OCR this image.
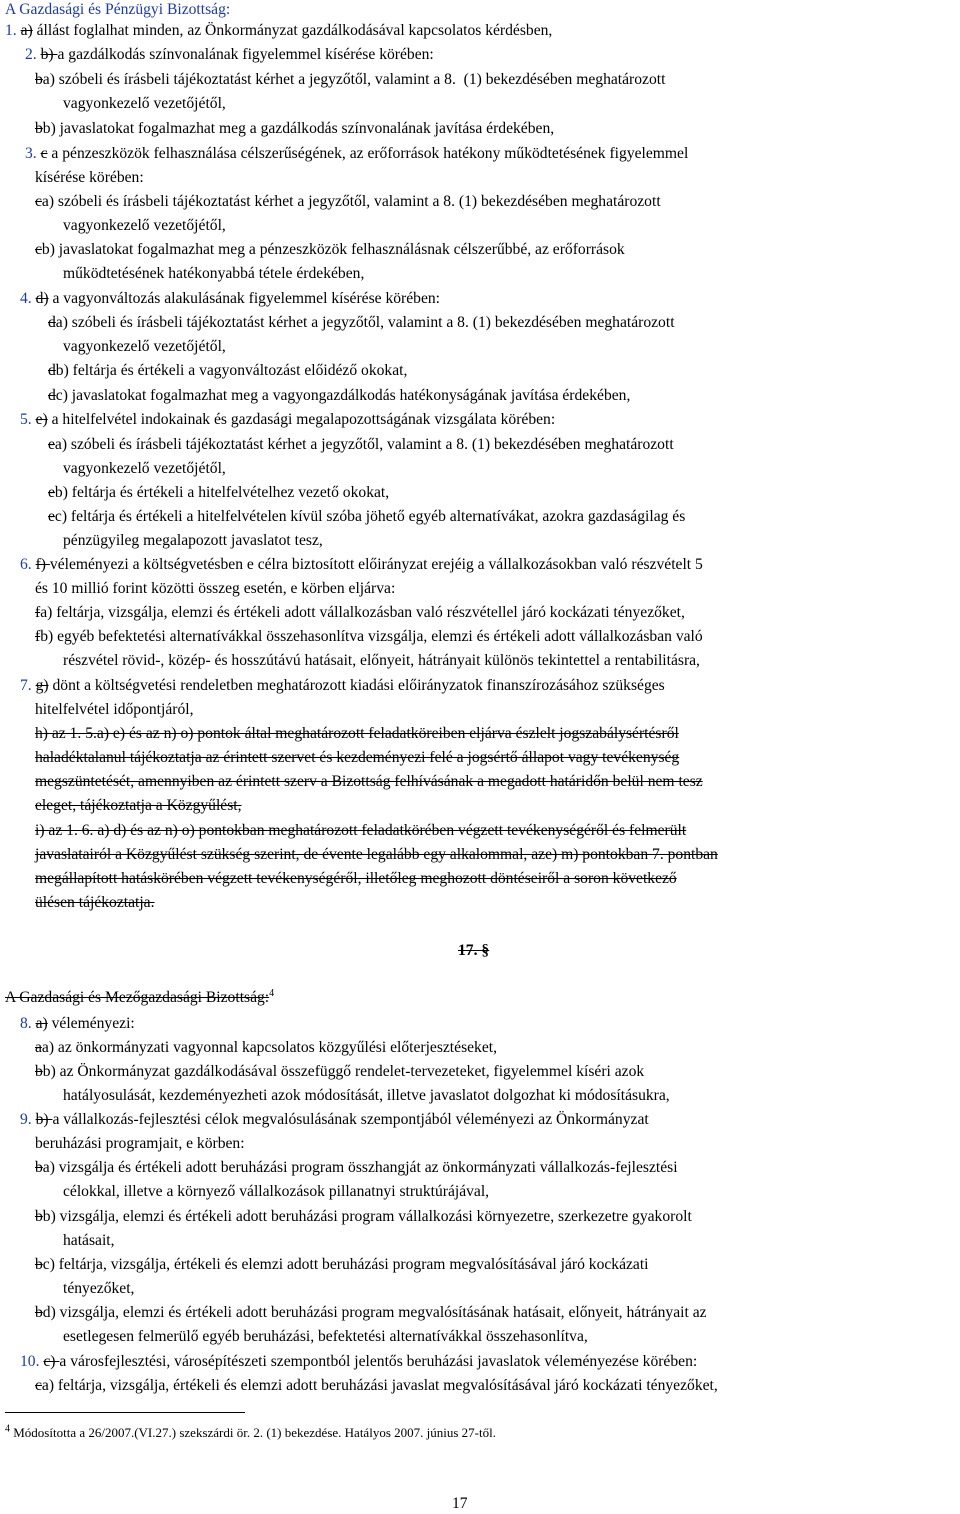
A Gazdasági és Pénzügyi Bizottság:
1. a) állást foglalhat minden, az Önkormányzat gazdálkodásával kapcsolatos kérdésben,
2. b) a gazdálkodás színvonalának figyelemmel kísérése körében:
ba) szóbeli és írásbeli tájékoztatást kérhet a jegyzőtől, valamint a 8.  (1) bekezdésében meghatározott
vagyonkezelő vezetőjétől,
bb) javaslatokat fogalmazhat meg a gazdálkodás színvonalának javítása érdekében,
3. c a pénzeszközök felhasználása célszerűségének, az erőforrások hatékony működtetésének figyelemmel
kísérése körében:
ca) szóbeli és írásbeli tájékoztatást kérhet a jegyzőtől, valamint a 8. (1) bekezdésében meghatározott
vagyonkezelő vezetőjétől,
cb) javaslatokat fogalmazhat meg a pénzeszközök felhasználásnak célszerűbbé, az erőforrások
működtetésének hatékonyabbá tétele érdekében,
4. d) a vagyonváltozás alakulásának figyelemmel kísérése körében:
da) szóbeli és írásbeli tájékoztatást kérhet a jegyzőtől, valamint a 8. (1) bekezdésében meghatározott
vagyonkezelő vezetőjétől,
db) feltárja és értékeli a vagyonváltozást előidéző okokat,
dc) javaslatokat fogalmazhat meg a vagyongazdálkodás hatékonyságának javítása érdekében,
5. e) a hitelfelvétel indokainak és gazdasági megalapozottságának vizsgálata körében:
ea) szóbeli és írásbeli tájékoztatást kérhet a jegyzőtől, valamint a 8. (1) bekezdésében meghatározott
vagyonkezelő vezetőjétől,
eb) feltárja és értékeli a hitelfelvételhez vezető okokat,
ec) feltárja és értékeli a hitelfelvételen kívül szóba jöhető egyéb alternatívákat, azokra gazdaságilag és
pénzügyileg megalapozott javaslatot tesz,
6. f) véleményezi a költségvetésben e célra biztosított előirányzat erejéig a vállalkozásokban való részvételt 5
és 10 millió forint közötti összeg esetén, e körben eljárva:
fa) feltárja, vizsgálja, elemzi és értékeli adott vállalkozásban való részvétellel járó kockázati tényezőket,
fb) egyéb befektetési alternatívákkal összehasonlítva vizsgálja, elemzi és értékeli adott vállalkozásban való
részvétel rövid-, közép- és hosszútávú hatásait, előnyeit, hátrányait különös tekintettel a rentabilitásra,
7. g) dönt a költségvetési rendeletben meghatározott kiadási előirányzatok finanszírozásához szükséges
hitelfelvétel időpontjáról,
h) az 1. 5.a) e) és az n) o) pontok által meghatározott feladatköreiben eljárva észlelt jogszabálysértésről
haladéktalanul tájékoztatja az érintett szervet és kezdeményezi felé a jogsértő állapot vagy tevékenység
megszüntetését, amennyiben az érintett szerv a Bizottság felhívásának a megadott határidőn belül nem tesz
eleget, tájékoztatja a Közgyűlést,
i) az 1. 6. a) d) és az n) o) pontokban meghatározott feladatkörében végzett tevékenységéről és felmerült
javaslatairól a Közgyűlést szükség szerint, de évente legalább egy alkalommal, aze) m) pontokban 7. pontban
megállapított hatáskörében végzett tevékenységéről, illetőleg meghozott döntéseiről a soron következő
ülésen tájékoztatja.
17. §
A Gazdasági és Mezőgazdasági Bizottság:$^4$
8. a) véleményezi:
aa) az önkormányzati vagyonnal kapcsolatos közgyűlési előterjesztéseket,
bb) az Önkormányzat gazdálkodásával összefüggő rendelet-tervezeteket, figyelemmel kíséri azok
hatályosulását, kezdeményezheti azok módosítását, illetve javaslatot dolgozhat ki módosításukra,
9. b) a vállalkozás-fejlesztési célok megvalósulásának szempontjából véleményezi az Önkormányzat
beruházási programjait, e körben:
ba) vizsgálja és értékeli adott beruházási program összhangját az önkormányzati vállalkozás-fejlesztési
célokkal, illetve a környező vállalkozások pillanatnyi struktúrájával,
bb) vizsgálja, elemzi és értékeli adott beruházási program vállalkozási környezetre, szerkezetre gyakorolt
hatásait,
bc) feltárja, vizsgálja, értékeli és elemzi adott beruházási program megvalósításával járó kockázati
tényezőket,
bd) vizsgálja, elemzi és értékeli adott beruházási program megvalósításának hatásait, előnyeit, hátrányait az
esetlegesen felmerülő egyéb beruházási, befektetési alternatívákkal összehasonlítva,
10. c) a városfejlesztési, városépítészeti szempontból jelentős beruházási javaslatok véleményezése körében:
ca) feltárja, vizsgálja, értékeli és elemzi adott beruházási javaslat megvalósításával járó kockázati tényezőket,
$^4$ Módosította a 26/2007.(VI.27.) szekszárdi ör. 2. (1) bekezdése. Hatályos 2007. június 27-től.
17
